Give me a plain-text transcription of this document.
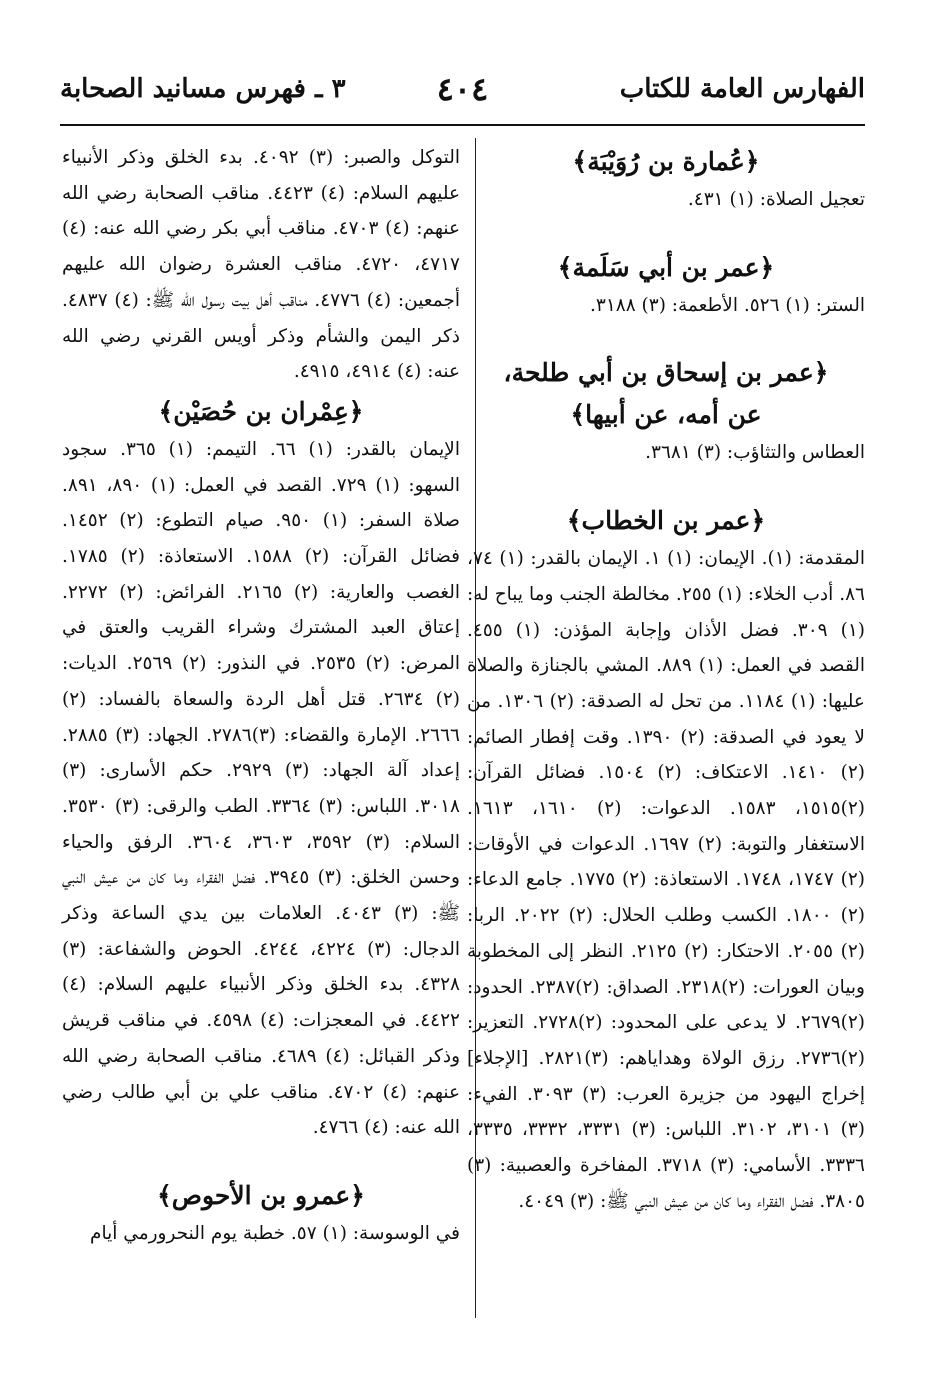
الفهارس العامة للكتاب
٤٠٤
٣ ـ فهرس مسانيد الصحابة
﴿عُمارة بن رُوَيْبَة﴾

تعجيل الصلاة: (١) ٤٣١.

﴿عمر بن أبي سَلَمة﴾

الستر: (١) ٥٢٦. الأطعمة: (٣) ٣١٨٨.

﴿عمر بن إسحاق بن أبي طلحة،
عن أمه، عن أبيها﴾

العطاس والتثاؤب: (٣) ٣٦٨١.

﴿عمر بن الخطاب﴾

المقدمة: (١). الإيمان: (١) ١. الإيمان بالقدر: (١) ٧٤، ٨٦. أدب الخلاء: (١) ٢٥٥. مخالطة الجنب وما يباح له: (١) ٣٠٩. فضل الأذان وإجابة المؤذن: (١) ٤٥٥. القصد في العمل: (١) ٨٨٩. المشي بالجنازة والصلاة عليها: (١) ١١٨٤. من تحل له الصدقة: (٢) ١٣٠٦. من لا يعود في الصدقة: (٢) ١٣٩٠. وقت إفطار الصائم: (٢) ١٤١٠. الاعتكاف: (٢) ١٥٠٤. فضائل القرآن: (٢)١٥١٥، ١٥٨٣. الدعوات: (٢) ١٦١٠، ١٦١٣. الاستغفار والتوبة: (٢) ١٦٩٧. الدعوات في الأوقات: (٢) ١٧٤٧، ١٧٤٨. الاستعاذة: (٢) ١٧٧٥. جامع الدعاء: (٢) ١٨٠٠. الكسب وطلب الحلال: (٢) ٢٠٢٢. الربا: (٢) ٢٠٥٥. الاحتكار: (٢) ٢١٢٥. النظر إلى المخطوبة وبيان العورات: (٢)٢٣١٨. الصداق: (٢)٢٣٨٧. الحدود: (٢)٢٦٧٩. لا يدعى على المحدود: (٢)٢٧٢٨. التعزير: (٢)٢٧٣٦. رزق الولاة وهداياهم: (٣)٢٨٢١. [الإجلاء] إخراج اليهود من جزيرة العرب: (٣) ٣٠٩٣. الفيء: (٣) ٣١٠١، ٣١٠٢. اللباس: (٣) ٣٣٣١، ٣٣٣٢، ٣٣٣٥، ٣٣٣٦. الأسامي: (٣) ٣٧١٨. المفاخرة والعصبية: (٣) ٣٨٠٥. فضل الفقراء وما كان من عيش النبي ﷺ: (٣) ٤٠٤٩.

التوكل والصبر: (٣) ٤٠٩٢. بدء الخلق وذكر الأنبياء عليهم السلام: (٤) ٤٤٢٣. مناقب الصحابة رضي الله عنهم: (٤) ٤٧٠٣. مناقب أبي بكر رضي الله عنه: (٤) ٤٧١٧، ٤٧٢٠. مناقب العشرة رضوان الله عليهم أجمعين: (٤) ٤٧٧٦. مناقب أهل بيت رسول الله ﷺ: (٤) ٤٨٣٧. ذكر اليمن والشأم وذكر أويس القرني رضي الله عنه: (٤) ٤٩١٤، ٤٩١٥.

﴿عِمْران بن حُصَيْن﴾

الإيمان بالقدر: (١) ٦٦. التيمم: (١) ٣٦٥. سجود السهو: (١) ٧٢٩. القصد في العمل: (١) ٨٩٠، ٨٩١. صلاة السفر: (١) ٩٥٠. صيام التطوع: (٢) ١٤٥٢. فضائل القرآن: (٢) ١٥٨٨. الاستعاذة: (٢) ١٧٨٥. الغصب والعارية: (٢) ٢١٦٥. الفرائض: (٢) ٢٢٧٢. إعتاق العبد المشترك وشراء القريب والعتق في المرض: (٢) ٢٥٣٥. في النذور: (٢) ٢٥٦٩. الديات: (٢) ٢٦٣٤. قتل أهل الردة والسعاة بالفساد: (٢) ٢٦٦٦. الإمارة والقضاء: (٣)٢٧٨٦. الجهاد: (٣) ٢٨٨٥. إعداد آلة الجهاد: (٣) ٢٩٢٩. حكم الأسارى: (٣) ٣٠١٨. اللباس: (٣) ٣٣٦٤. الطب والرقى: (٣) ٣٥٣٠. السلام: (٣) ٣٥٩٢، ٣٦٠٣، ٣٦٠٤. الرفق والحياء وحسن الخلق: (٣) ٣٩٤٥. فضل الفقراء وما كان من عيش النبي ﷺ: (٣) ٤٠٤٣. العلامات بين يدي الساعة وذكر الدجال: (٣) ٤٢٢٤، ٤٢٤٤. الحوض والشفاعة: (٣) ٤٣٢٨. بدء الخلق وذكر الأنبياء عليهم السلام: (٤) ٤٤٢٢. في المعجزات: (٤) ٤٥٩٨. في مناقب قريش وذكر القبائل: (٤) ٤٦٨٩. مناقب الصحابة رضي الله عنهم: (٤) ٤٧٠٢. مناقب علي بن أبي طالب رضي الله عنه: (٤) ٤٧٦٦.

﴿عمرو بن الأحوص﴾

في الوسوسة: (١) ٥٧. خطبة يوم النحرورمي أيام
